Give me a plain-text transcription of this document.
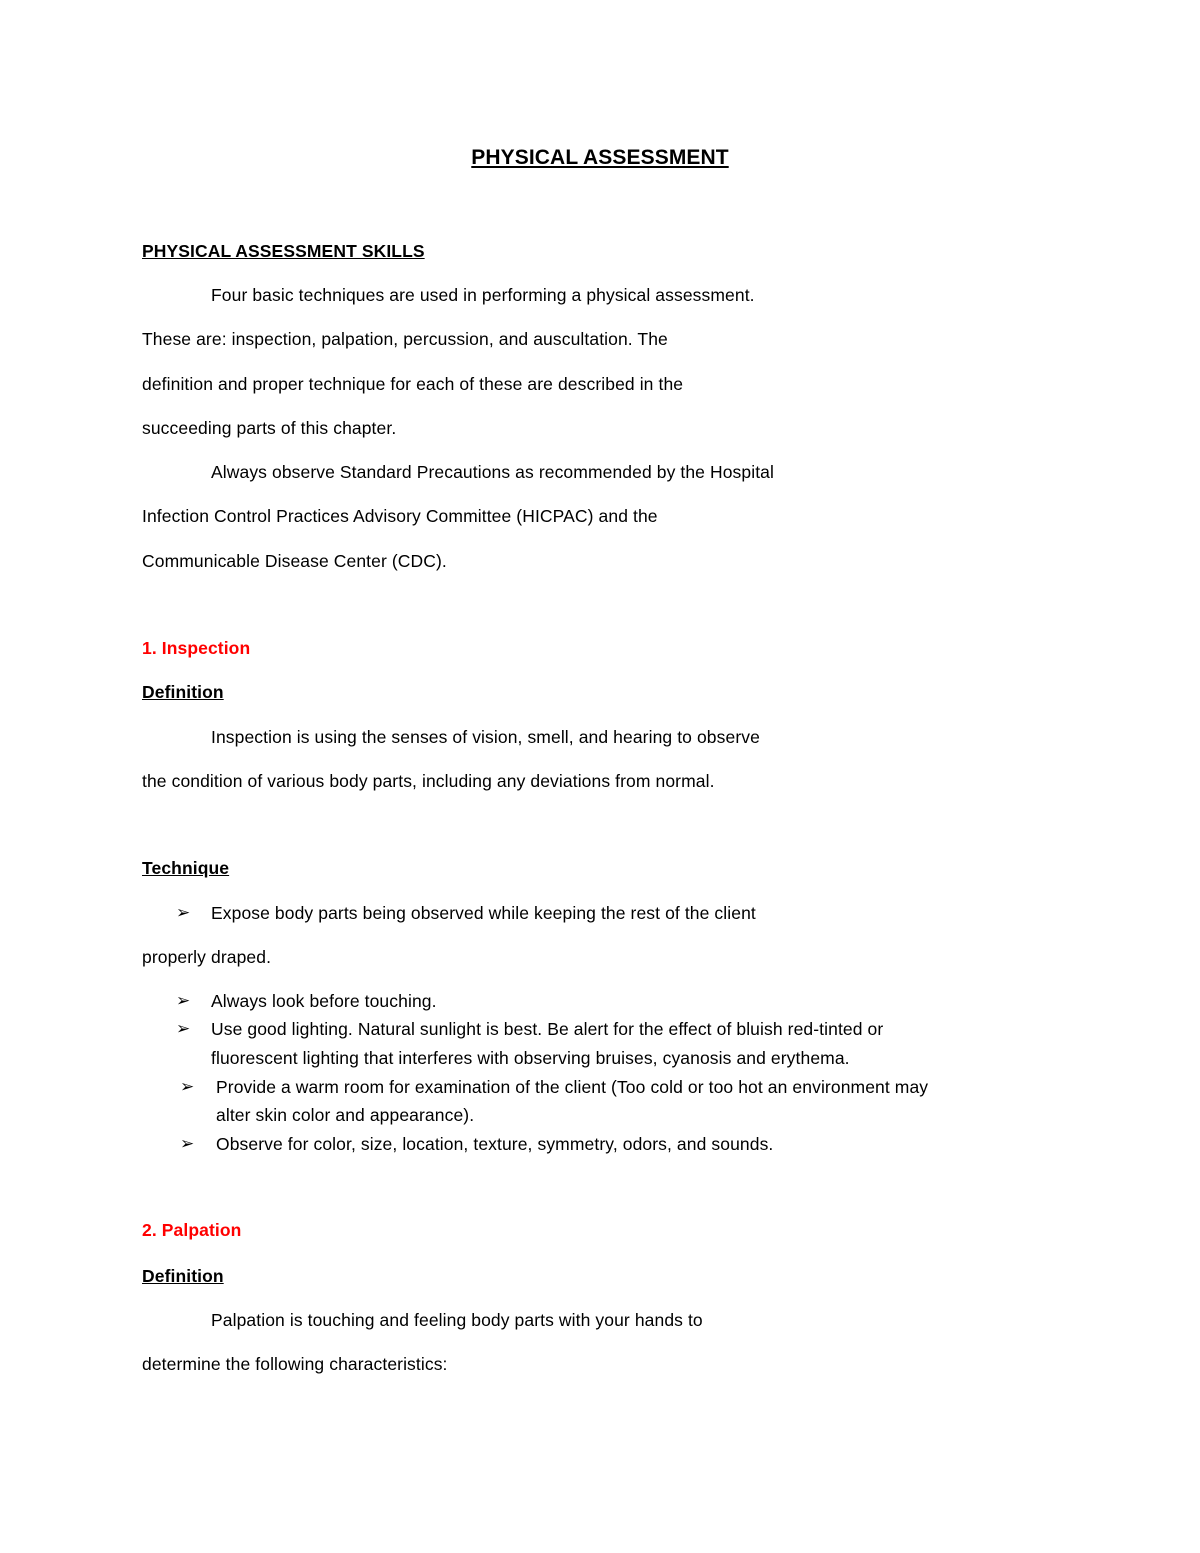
PHYSICAL ASSESSMENT
PHYSICAL ASSESSMENT SKILLS
Four basic techniques are used in performing a physical assessment.
These are: inspection, palpation, percussion, and auscultation. The
definition and proper technique for each of these are described in the
succeeding parts of this chapter.
Always observe Standard Precautions as recommended by the Hospital
Infection Control Practices Advisory Committee (HICPAC) and the
Communicable Disease Center (CDC).
1. Inspection
Definition
Inspection is using the senses of vision, smell, and hearing to observe
the condition of various body parts, including any deviations from normal.
Technique
➢ Expose body parts being observed while keeping the rest of the client
properly draped.
➢ Always look before touching.
➢ Use good lighting. Natural sunlight is best. Be alert for the effect of bluish red-tinted or
fluorescent lighting that interferes with observing bruises, cyanosis and erythema.
➢ Provide a warm room for examination of the client (Too cold or too hot an environment may
alter skin color and appearance).
➢ Observe for color, size, location, texture, symmetry, odors, and sounds.
2. Palpation
Definition
Palpation is touching and feeling body parts with your hands to
determine the following characteristics:
